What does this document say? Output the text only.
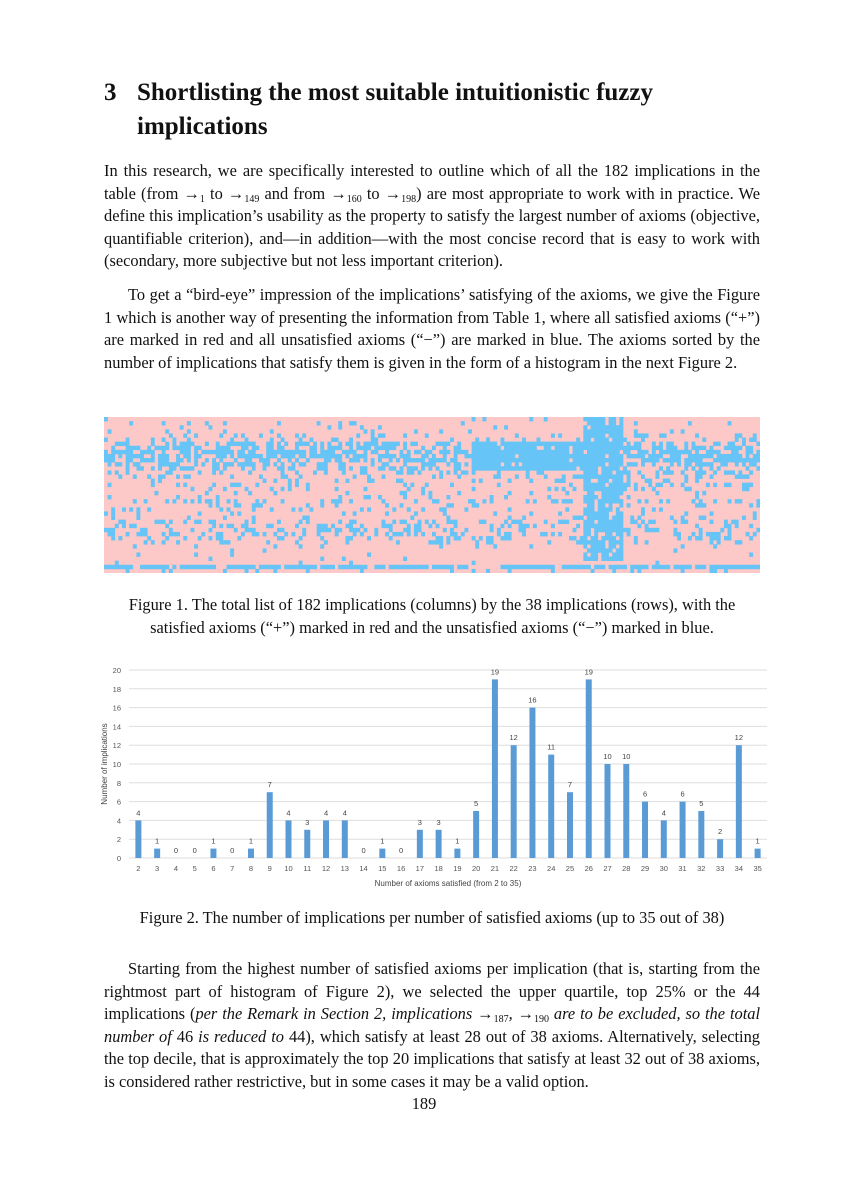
3 Shortlisting the most suitable intuitionistic fuzzy implications
In this research, we are specifically interested to outline which of all the 182 implications in the table (from $\to_1$ to $\to_{149}$ and from $\to_{160}$ to $\to_{198}$) are most appropriate to work with in practice. We define this implication’s usability as the property to satisfy the largest number of axioms (objective, quantifiable criterion), and—in addition—with the most concise record that is easy to work with (secondary, more subjective but not less important criterion).
To get a “bird-eye” impression of the implications’ satisfying of the axioms, we give the Figure 1 which is another way of presenting the information from Table 1, where all satisfied axioms (“+”) are marked in red and all unsatisfied axioms (“−”) are marked in blue. The axioms sorted by the number of implications that satisfy them is given in the form of a histogram in the next Figure 2.
Figure 1. The total list of 182 implications (columns) by the 38 implications (rows), with the satisfied axioms (“+”) marked in red and the unsatisfied axioms (“−”) marked in blue.
0
2
4
6
8
10
12
14
16
18
20
4
2
1
3
0
4
0
5
1
6
0
7
1
8
7
9
4
10
3
11
4
12
4
13
0
14
1
15
0
16
3
17
3
18
1
19
5
20
19
21
12
22
16
23
11
24
7
25
19
26
10
27
10
28
6
29
4
30
6
31
5
32
2
33
12
34
1
35
Number of axioms satisfied (from 2 to 35)
Number of implications
Figure 2. The number of implications per number of satisfied axioms (up to 35 out of 38)
Starting from the highest number of satisfied axioms per implication (that is, starting from the rightmost part of histogram of Figure 2), we selected the upper quartile, top 25% or the 44 implications (per the Remark in Section 2, implications $\to_{187}$, $\to_{190}$ are to be excluded, so the total number of 46 is reduced to 44), which satisfy at least 28 out of 38 axioms. Alternatively, selecting the top decile, that is approximately the top 20 implications that satisfy at least 32 out of 38 axioms, is considered rather restrictive, but in some cases it may be a valid option.
189
